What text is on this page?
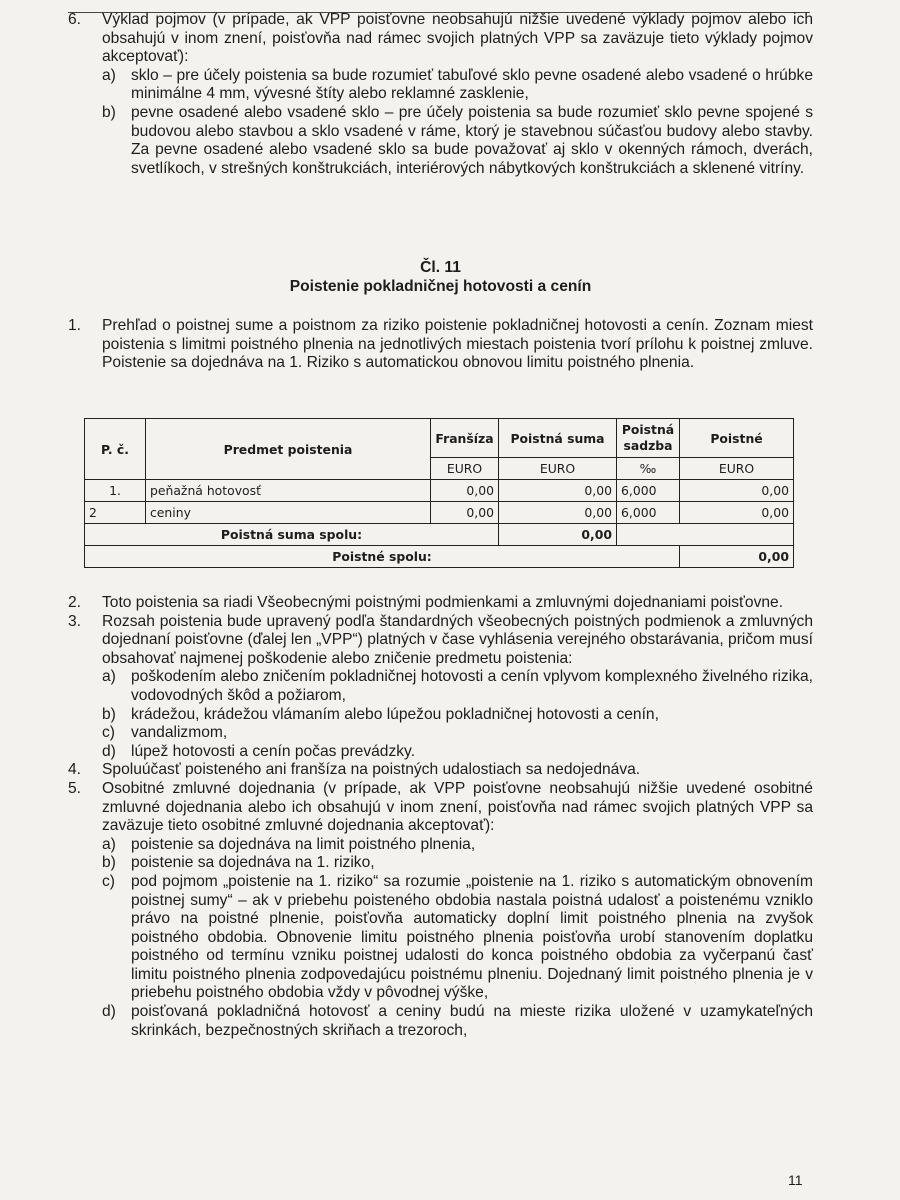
6. Výklad pojmov (v prípade, ak VPP poisťovne neobsahujú nižšie uvedené výklady pojmov alebo ich obsahujú v inom znení, poisťovňa nad rámec svojich platných VPP sa zaväzuje tieto výklady pojmov akceptovať):

a) sklo – pre účely poistenia sa bude rozumieť tabuľové sklo pevne osadené alebo vsadené o hrúbke minimálne 4 mm, vývesné štíty alebo reklamné zasklenie,

b) pevne osadené alebo vsadené sklo – pre účely poistenia sa bude rozumieť sklo pevne spojené s budovou alebo stavbou a sklo vsadené v ráme, ktorý je stavebnou súčasťou budovy alebo stavby. Za pevne osadené alebo vsadené sklo sa bude považovať aj sklo v okenných rámoch, dverách, svetlíkoch, v strešných konštrukciách, interiérových nábytkových konštrukciách a sklenené vitríny.

Čl. 11
Poistenie pokladničnej hotovosti a cenín

1. Prehľad o poistnej sume a poistnom za riziko poistenie pokladničnej hotovosti a cenín. Zoznam miest poistenia s limitmi poistného plnenia na jednotlivých miestach poistenia tvorí prílohu k poistnej zmluve. Poistenie sa dojednáva na 1. Riziko s automatickou obnovou limitu poistného plnenia.

P. č.	Predmet poistenia	Franšíza	Poistná suma	Poistná sadzba	Poistné
		EURO	EURO	‰	EURO
1.	peňažná hotovosť	0,00	0,00	6,000	0,00
2	ceniny	0,00	0,00	6,000	0,00
Poistná suma spolu:			0,00		
Poistné spolu:					0,00

2. Toto poistenia sa riadi Všeobecnými poistnými podmienkami a zmluvnými dojednaniami poisťovne.

3. Rozsah poistenia bude upravený podľa štandardných všeobecných poistných podmienok a zmluvných dojednaní poisťovne (ďalej len „VPP“) platných v čase vyhlásenia verejného obstarávania, pričom musí obsahovať najmenej poškodenie alebo zničenie predmetu poistenia:

a) poškodením alebo zničením pokladničnej hotovosti a cenín vplyvom komplexného živelného rizika, vodovodných škôd a požiarom,

b) krádežou, krádežou vlámaním alebo lúpežou pokladničnej hotovosti a cenín,

c) vandalizmom,

d) lúpež hotovosti a cenín počas prevádzky.

4. Spoluúčasť poisteného ani franšíza na poistných udalostiach sa nedojednáva.

5. Osobitné zmluvné dojednania (v prípade, ak VPP poisťovne neobsahujú nižšie uvedené osobitné zmluvné dojednania alebo ich obsahujú v inom znení, poisťovňa nad rámec svojich platných VPP sa zaväzuje tieto osobitné zmluvné dojednania akceptovať):

a) poistenie sa dojednáva na limit poistného plnenia,

b) poistenie sa dojednáva na 1. riziko,

c) pod pojmom „poistenie na 1. riziko“ sa rozumie „poistenie na 1. riziko s automatickým obnovením poistnej sumy“ – ak v priebehu poisteného obdobia nastala poistná udalosť a poistenému vzniklo právo na poistné plnenie, poisťovňa automaticky doplní limit poistného plnenia na zvyšok poistného obdobia. Obnovenie limitu poistného plnenia poisťovňa urobí stanovením doplatku poistného od termínu vzniku poistnej udalosti do konca poistného obdobia za vyčerpanú časť limitu poistného plnenia zodpovedajúcu poistnému plneniu. Dojednaný limit poistného plnenia je v priebehu poistného obdobia vždy v pôvodnej výške,

d) poisťovaná pokladničná hotovosť a ceniny budú na mieste rizika uložené v uzamykateľných skrinkách, bezpečnostných skriňach a trezoroch,

11
